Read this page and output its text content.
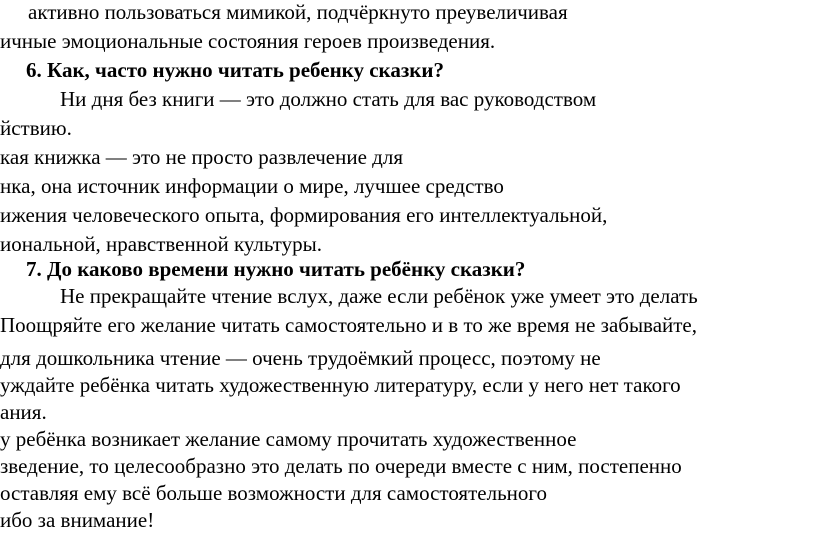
активно пользоваться мимикой, подчёркнуто преувеличивая
ичные эмоциональные состояния героев произведения.
6. Как, часто нужно читать ребенку сказки?
Ни дня без книги — это должно стать для вас руководством
йствию.
кая книжка — это не просто развлечение для
нка, она источник информации о мире, лучшее средство
ижения человеческого опыта, формирования его интеллектуальной,
иональной, нравственной культуры.
7. До каково времени нужно читать ребёнку сказки?
Не прекращайте чтение вслух, даже если ребёнок уже умеет это делать
Поощряйте его желание читать самостоятельно и в то же время не забывайте,
для дошкольника чтение — очень трудоёмкий процесс, поэтому не
уждайте ребёнка читать художественную литературу, если у него нет такого
ания.
у ребёнка возникает желание самому прочитать художественное
зведение, то целесообразно это делать по очереди вместе с ним, постепенно
оставляя ему всё больше возможности для самостоятельного
ибо за внимание!
